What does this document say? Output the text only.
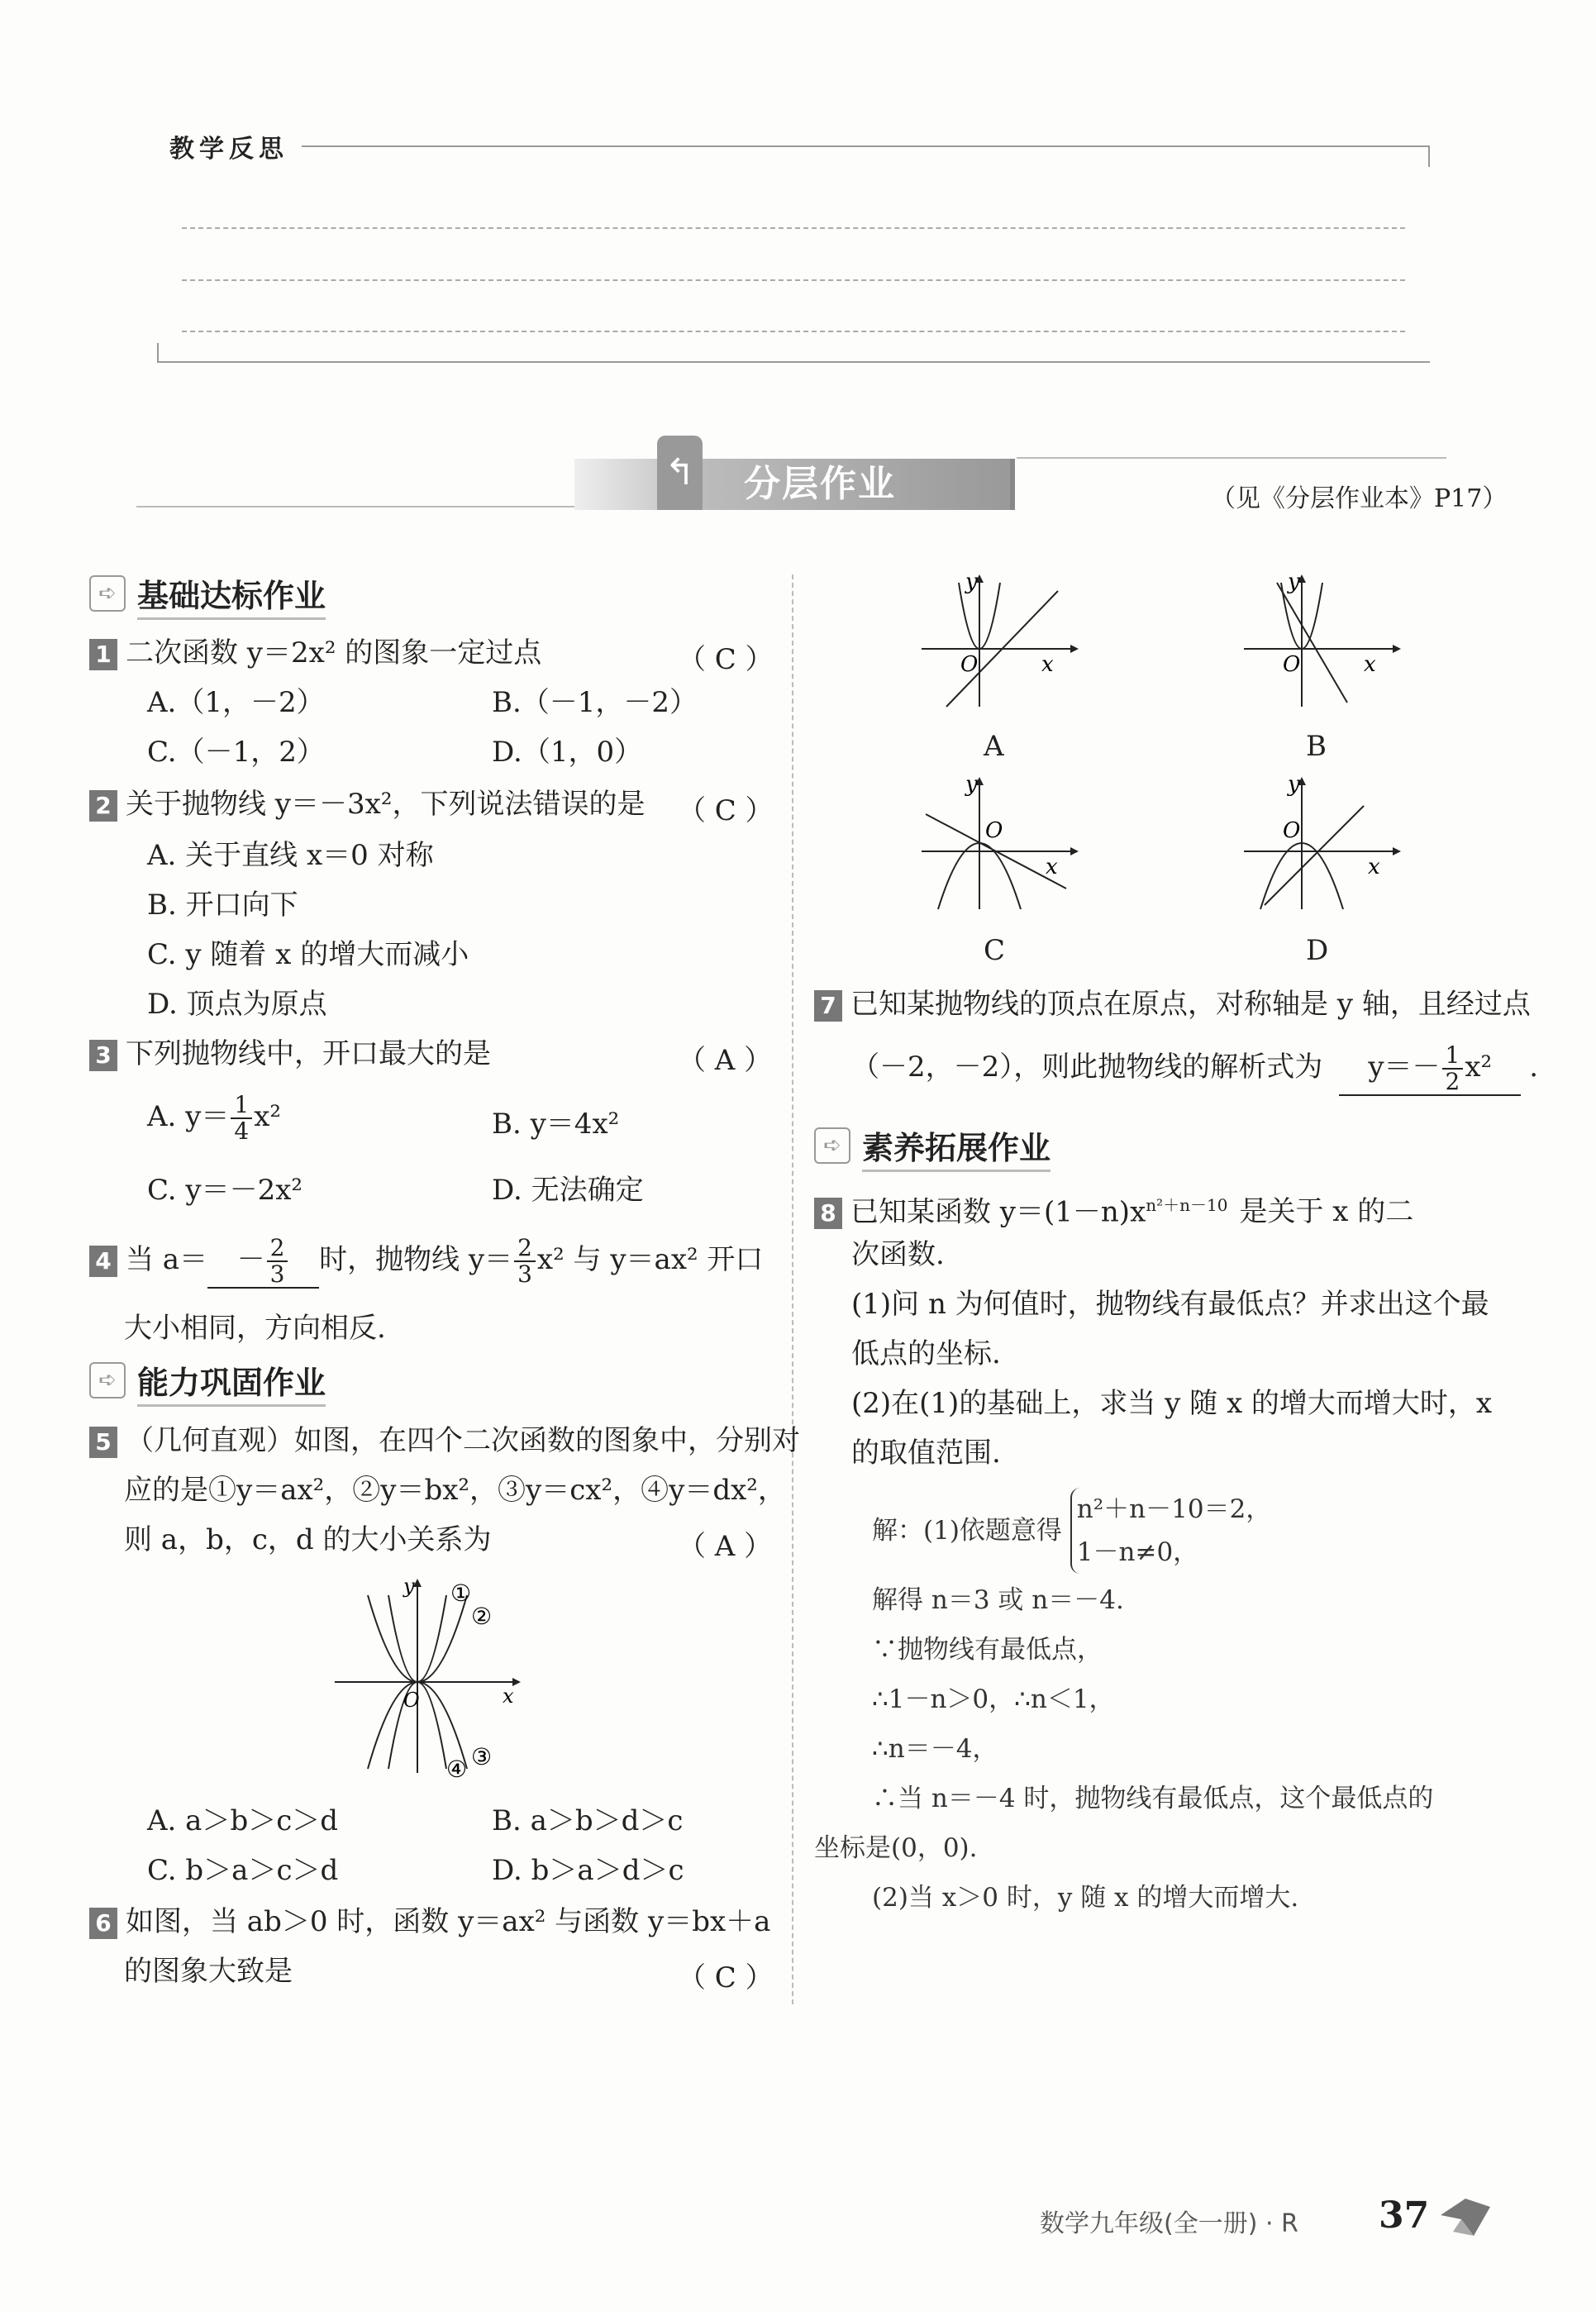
教学反思
↰ 分层作业	（见《分层作业本》P17）
➪ 基础达标作业
1 二次函数 y＝2x² 的图象一定过点	（ C ）
A.（1，－2）	B.（－1，－2）
C.（－1，2）	D.（1，0）
2 关于抛物线 y＝－3x²，下列说法错误的是 （ C ）
A. 关于直线 x＝0 对称
B. 开口向下
C. y 随着 x 的增大而减小
D. 顶点为原点
3 下列抛物线中，开口最大的是	（ A ）
A. $y= \frac{1}{4} x^2$	B. y＝4x²
C. y＝－2x²	D. 无法确定
4 当 $a= - \frac{2}{3}$ 时，抛物线 $y= \frac{2}{3} x^2$ 与 y＝ax² 开口
大小相同，方向相反.
➪ 能力巩固作业
5 （几何直观）如图，在四个二次函数的图象中，分别对
应的是①y＝ax²，②y＝bx²，③y＝cx²，④y＝dx²，
则 a，b，c，d 的大小关系为	（ A ）
y
x
O
①
②
③
④
A. a＞b＞c＞d	B. a＞b＞d＞c
C. b＞a＞c＞d	D. b＞a＞d＞c
6 如图，当 ab＞0 时，函数 y＝ax² 与函数 y＝bx＋a
的图象大致是	（ C ）
y
x
O
A
y
x
O
B
y
x
O
C
y
x
O
D
7 已知某抛物线的顶点在原点，对称轴是 y 轴，且经过点
（－2，－2），则此抛物线的解析式为 $y=- \frac{1}{2} x^2$ .
➪ 素养拓展作业
8 已知某函数 $y=(1-n)x^{n^2+n-10}$ 是关于 x 的二
次函数.
(1)问 n 为何值时，抛物线有最低点？并求出这个最
低点的坐标.
(2)在(1)的基础上，求当 y 随 x 的增大而增大时，x
的取值范围.
解：(1)依题意得
n²＋n－10＝2，
1－n≠0，
解得 n＝3 或 n＝－4.
∵抛物线有最低点，
∴1－n＞0，∴n＜1，
∴n＝－4，
∴当 n＝－4 时，抛物线有最低点，这个最低点的
坐标是(0，0).
(2)当 x＞0 时，y 随 x 的增大而增大.
数学九年级(全一册) · R 37
